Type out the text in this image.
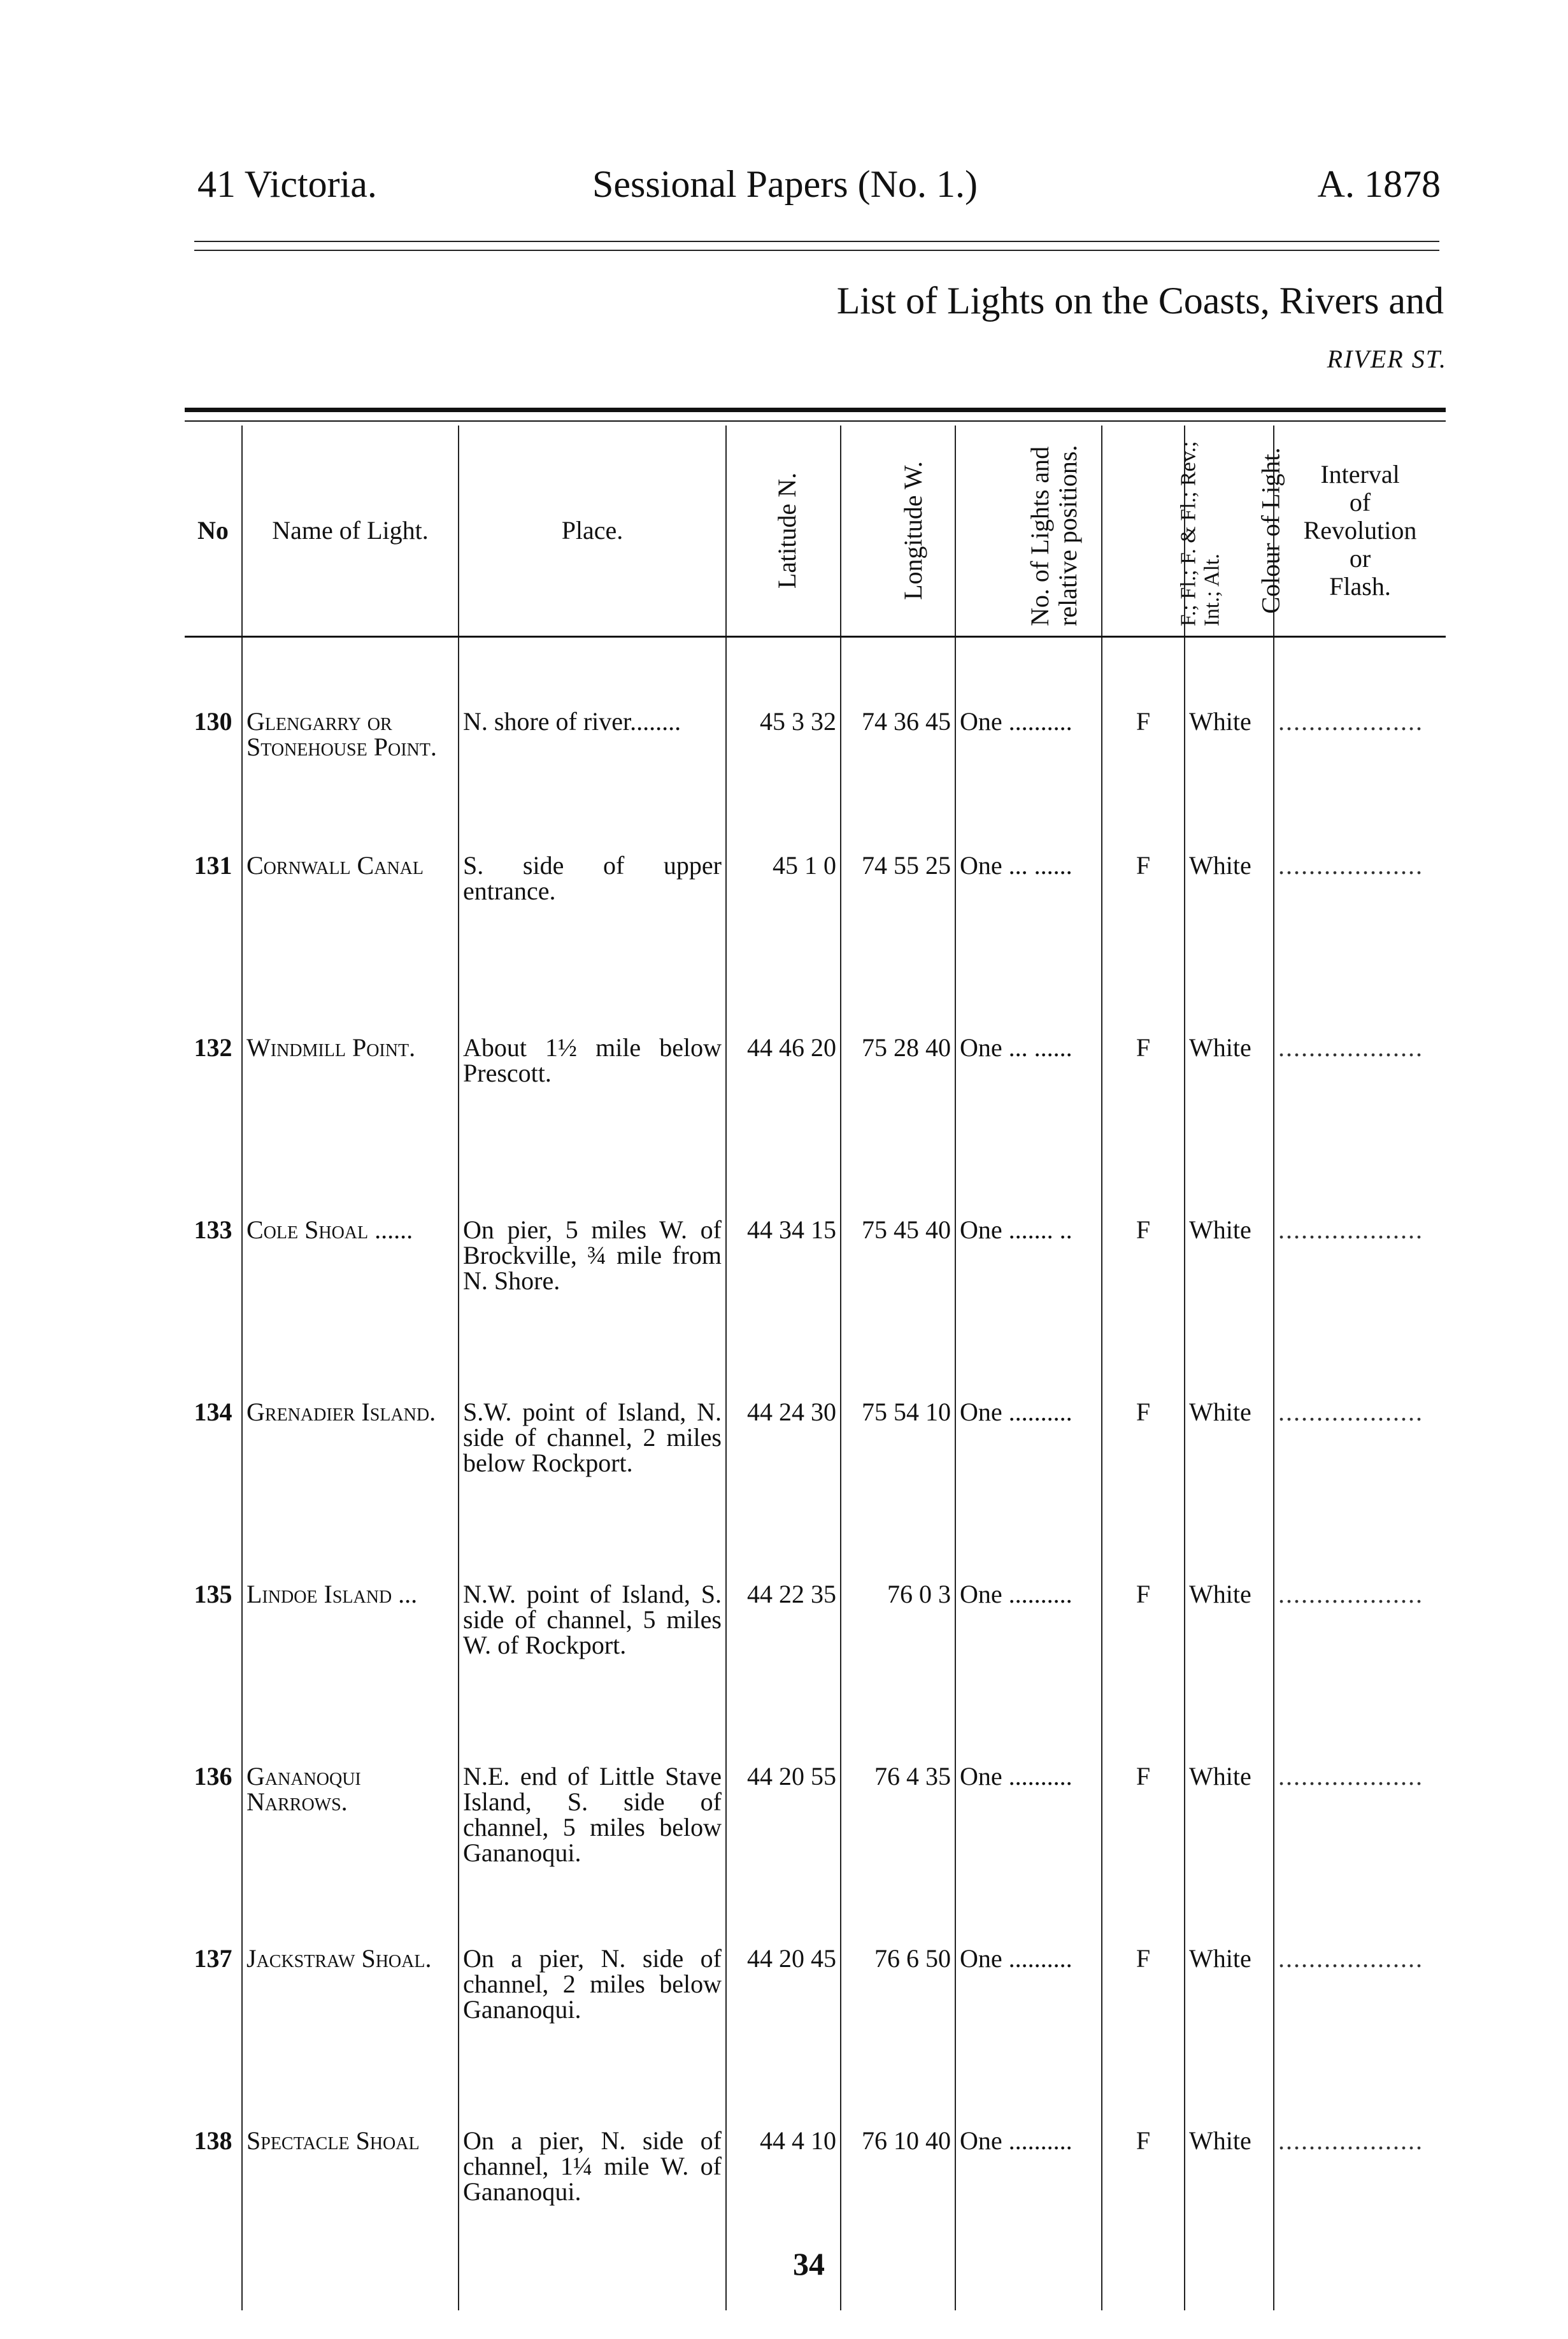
41 Victoria.	Sessional Papers (No. 1.)	A. 1878
List of Lights on the Coasts, Rivers and
RIVER ST.
No	Name of Light.	Place.	Latitude N.	Longitude W.	No. of Lights and relative positions.	F.; Fl.; F. & Fl.; Rev.; Int.; Alt.	Colour of Light.	Interval
of
Revolution
or
Flash.

130	Glengarry or Stonehouse Point.	N. shore of river........	45 3 32	74 36 45	One ..........	F	White	...................

131	Cornwall Canal	S. side of upper entrance.	45 1 0	74 55 25	One ... ......	F	White	...................

132	Windmill Point.	About 1½ mile below Prescott.	44 46 20	75 28 40	One ... ......	F	White	...................

133	Cole Shoal ......	On pier, 5 miles W. of Brockville, ¾ mile from N. Shore.	44 34 15	75 45 40	One ....... ..	F	White	...................

134	Grenadier Island.	S.W. point of Island, N. side of channel, 2 miles below Rockport.	44 24 30	75 54 10	One ..........	F	White	...................

135	Lindoe Island ...	N.W. point of Island, S. side of channel, 5 miles W. of Rockport.	44 22 35	76 0 3	One ..........	F	White	...................

136	Gananoqui Narrows.	N.E. end of Little Stave Island, S. side of channel, 5 miles below Gananoqui.	44 20 55	76 4 35	One ..........	F	White	...................

137	Jackstraw Shoal.	On a pier, N. side of channel, 2 miles below Gananoqui.	44 20 45	76 6 50	One ..........	F	White	...................

138	Spectacle Shoal	On a pier, N. side of channel, 1¼ mile W. of Gananoqui.	44 4 10	76 10 40	One ..........	F	White	...................
34
